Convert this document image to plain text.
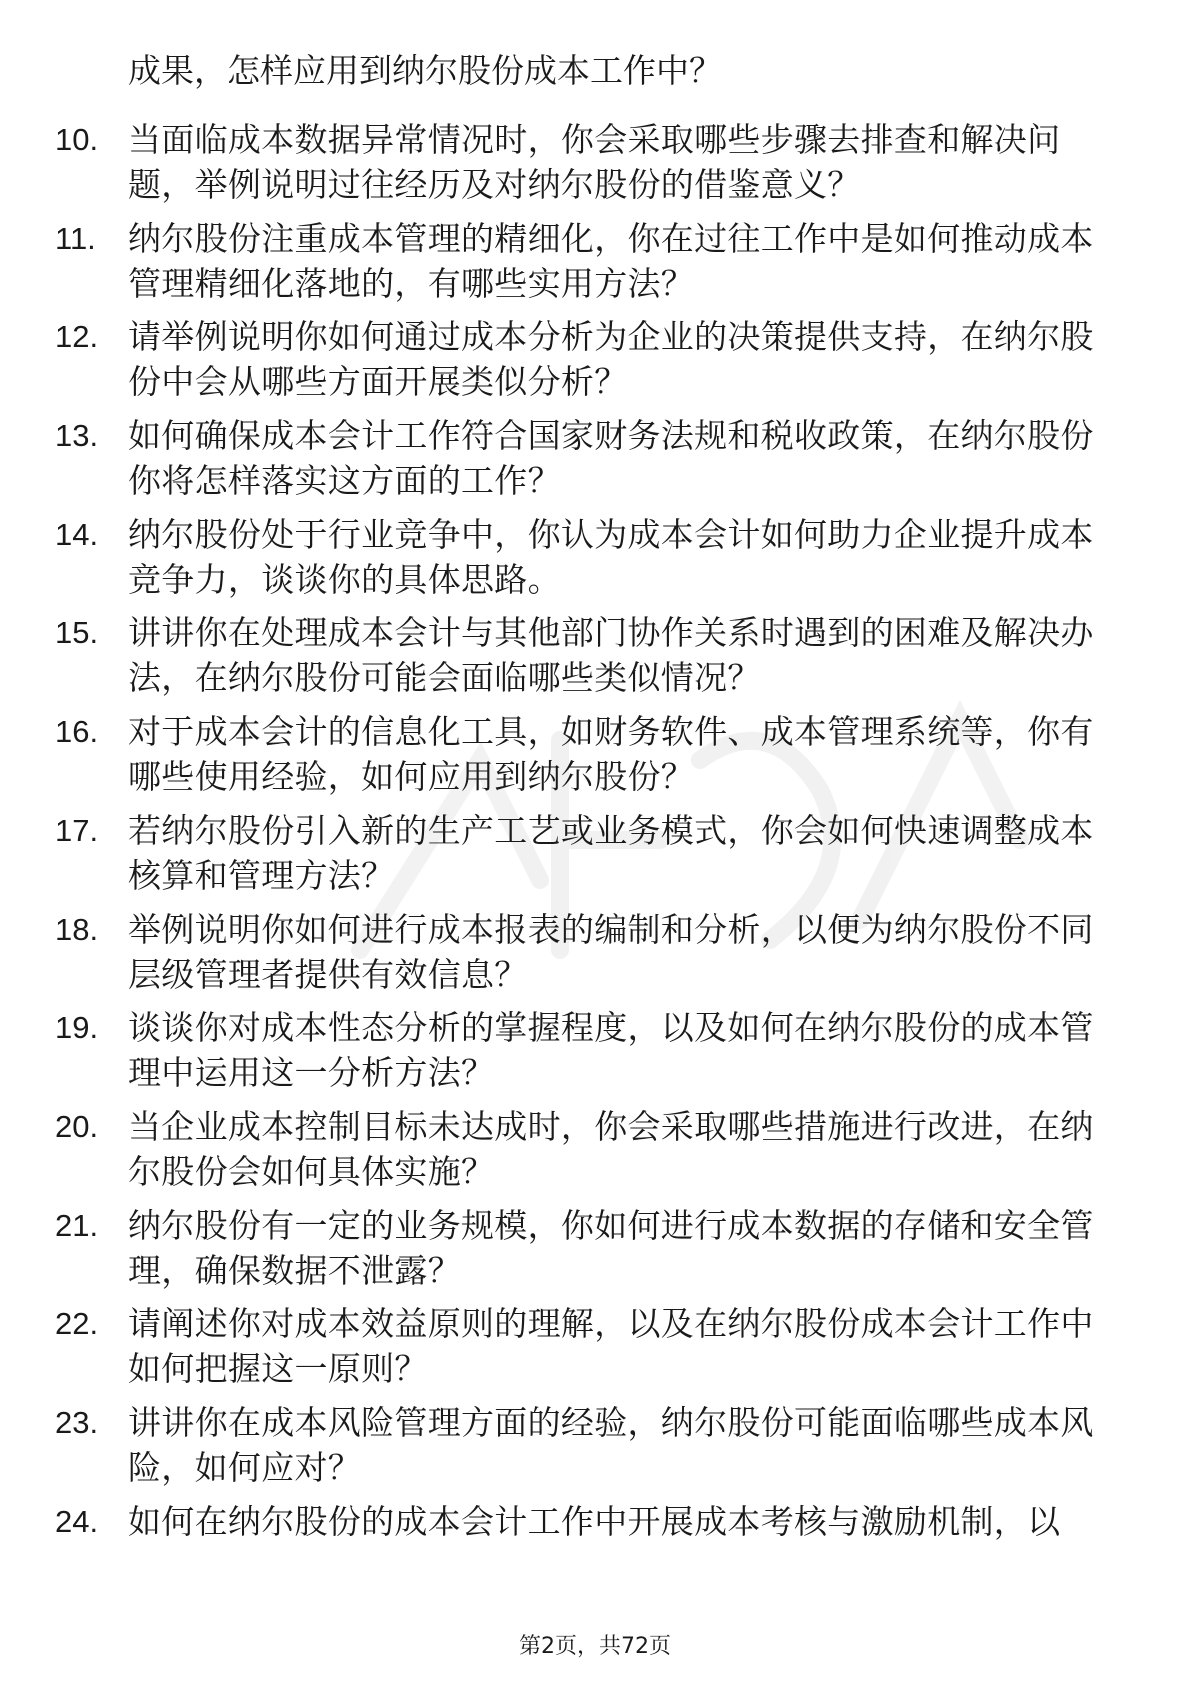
成果，怎样应用到纳尔股份成本工作中？

10. 当面临成本数据异常情况时，你会采取哪些步骤去排查和解决问题，举例说明过往经历及对纳尔股份的借鉴意义？
11. 纳尔股份注重成本管理的精细化，你在过往工作中是如何推动成本管理精细化落地的，有哪些实用方法？
12. 请举例说明你如何通过成本分析为企业的决策提供支持，在纳尔股份中会从哪些方面开展类似分析？
13. 如何确保成本会计工作符合国家财务法规和税收政策，在纳尔股份你将怎样落实这方面的工作？
14. 纳尔股份处于行业竞争中，你认为成本会计如何助力企业提升成本竞争力，谈谈你的具体思路。
15. 讲讲你在处理成本会计与其他部门协作关系时遇到的困难及解决办法，在纳尔股份可能会面临哪些类似情况？
16. 对于成本会计的信息化工具，如财务软件、成本管理系统等，你有哪些使用经验，如何应用到纳尔股份？
17. 若纳尔股份引入新的生产工艺或业务模式，你会如何快速调整成本核算和管理方法？
18. 举例说明你如何进行成本报表的编制和分析，以便为纳尔股份不同层级管理者提供有效信息？
19. 谈谈你对成本性态分析的掌握程度，以及如何在纳尔股份的成本管理中运用这一分析方法？
20. 当企业成本控制目标未达成时，你会采取哪些措施进行改进，在纳尔股份会如何具体实施？
21. 纳尔股份有一定的业务规模，你如何进行成本数据的存储和安全管理，确保数据不泄露？
22. 请阐述你对成本效益原则的理解，以及在纳尔股份成本会计工作中如何把握这一原则？
23. 讲讲你在成本风险管理方面的经验，纳尔股份可能面临哪些成本风险，如何应对？
24. 如何在纳尔股份的成本会计工作中开展成本考核与激励机制，以
第2页，共72页
